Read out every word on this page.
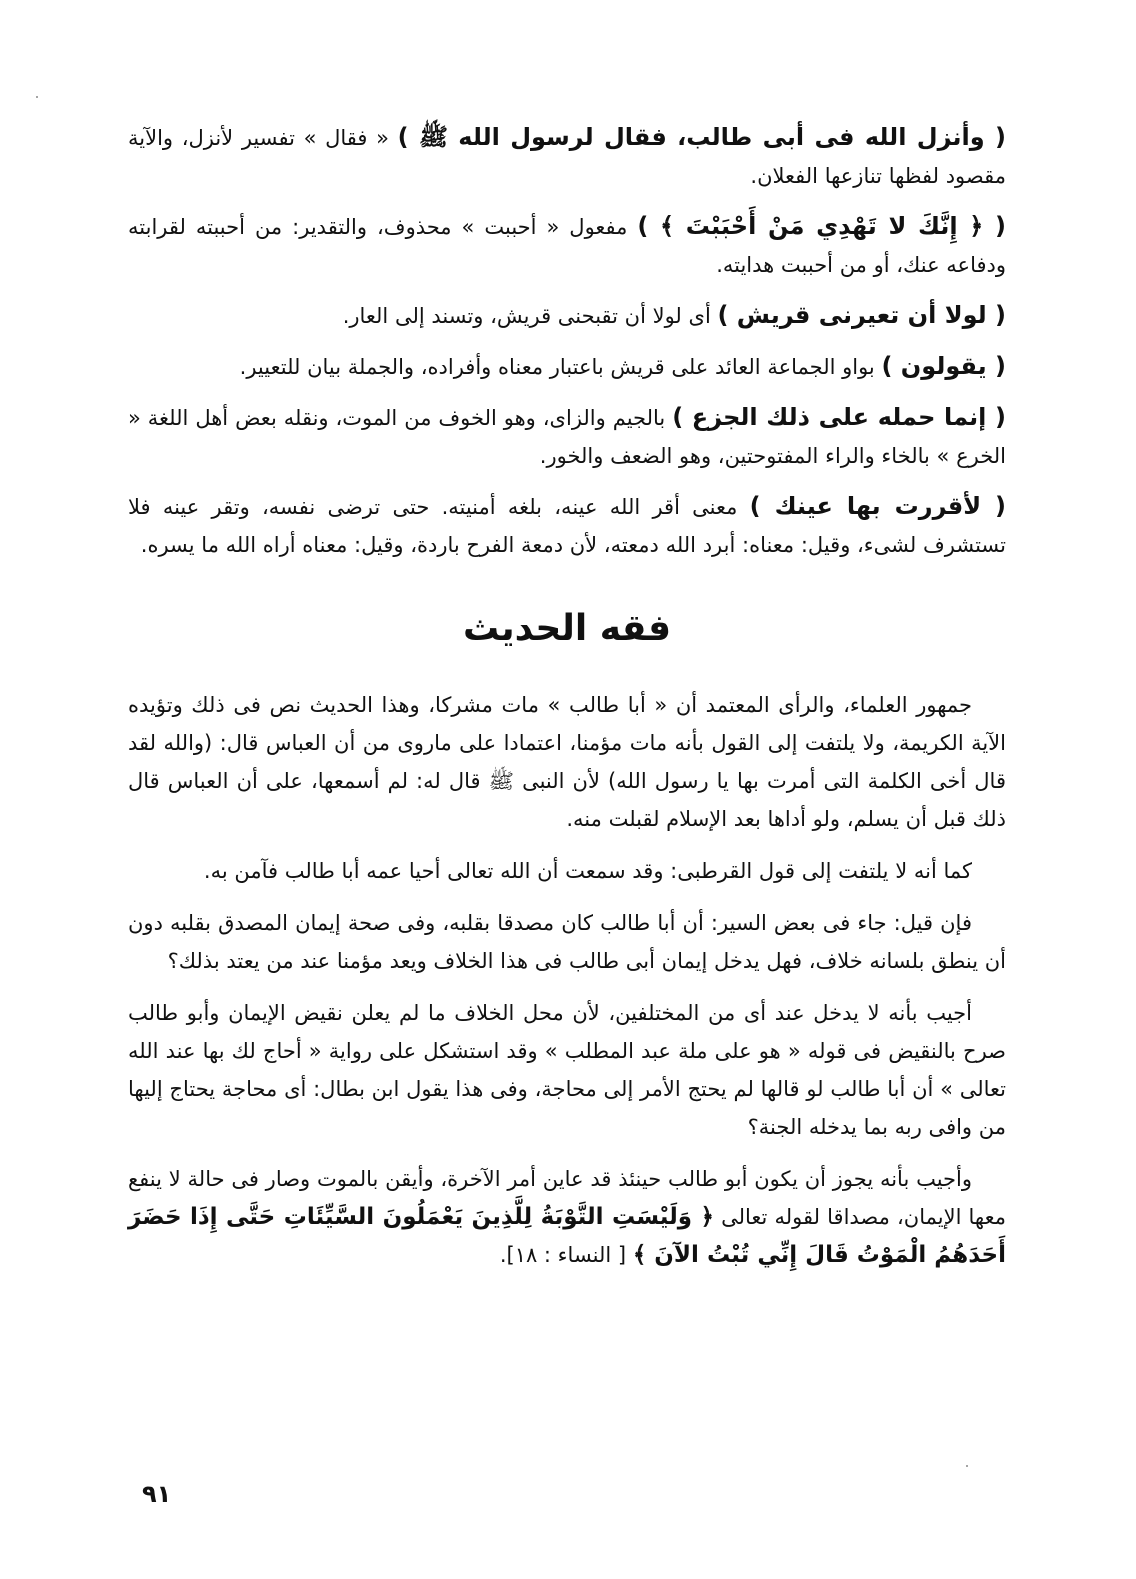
( وأنزل الله فى أبى طالب، فقال لرسول الله ﷺ ) « فقال » تفسير لأنزل، والآية مقصود لفظها تنازعها الفعلان.

( ﴿ إِنَّكَ لا تَهْدِي مَنْ أَحْبَبْتَ ﴾ ) مفعول « أحببت » محذوف، والتقدير: من أحببته لقرابته ودفاعه عنك، أو من أحببت هدايته.

( لولا أن تعيرنى قريش ) أى لولا أن تقبحنى قريش، وتسند إلى العار.

( يقولون ) بواو الجماعة العائد على قريش باعتبار معناه وأفراده، والجملة بيان للتعيير.

( إنما حمله على ذلك الجزع ) بالجيم والزاى، وهو الخوف من الموت، ونقله بعض أهل اللغة « الخرع » بالخاء والراء المفتوحتين، وهو الضعف والخور.

( لأقررت بها عينك ) معنى أقر الله عينه، بلغه أمنيته. حتى ترضى نفسه، وتقر عينه فلا تستشرف لشىء، وقيل: معناه: أبرد الله دمعته، لأن دمعة الفرح باردة، وقيل: معناه أراه الله ما يسره.

فقه الحديث

جمهور العلماء، والرأى المعتمد أن « أبا طالب » مات مشركا، وهذا الحديث نص فى ذلك وتؤيده الآية الكريمة، ولا يلتفت إلى القول بأنه مات مؤمنا، اعتمادا على ماروى من أن العباس قال: (والله لقد قال أخى الكلمة التى أمرت بها يا رسول الله) لأن النبى ﷺ قال له: لم أسمعها، على أن العباس قال ذلك قبل أن يسلم، ولو أداها بعد الإسلام لقبلت منه.

كما أنه لا يلتفت إلى قول القرطبى: وقد سمعت أن الله تعالى أحيا عمه أبا طالب فآمن به.

فإن قيل: جاء فى بعض السير: أن أبا طالب كان مصدقا بقلبه، وفى صحة إيمان المصدق بقلبه دون أن ينطق بلسانه خلاف، فهل يدخل إيمان أبى طالب فى هذا الخلاف ويعد مؤمنا عند من يعتد بذلك؟

أجيب بأنه لا يدخل عند أى من المختلفين، لأن محل الخلاف ما لم يعلن نقيض الإيمان وأبو طالب صرح بالنقيض فى قوله « هو على ملة عبد المطلب » وقد استشكل على رواية « أحاج لك بها عند الله تعالى » أن أبا طالب لو قالها لم يحتج الأمر إلى محاجة، وفى هذا يقول ابن بطال: أى محاجة يحتاج إليها من وافى ربه بما يدخله الجنة؟

وأجيب بأنه يجوز أن يكون أبو طالب حينئذ قد عاين أمر الآخرة، وأيقن بالموت وصار فى حالة لا ينفع معها الإيمان، مصداقا لقوله تعالى ﴿ وَلَيْسَتِ التَّوْبَةُ لِلَّذِينَ يَعْمَلُونَ السَّيِّئَاتِ حَتَّى إِذَا حَضَرَ أَحَدَهُمُ الْمَوْتُ قَالَ إِنِّي تُبْتُ الآنَ ﴾ [ النساء : ١٨].

٩١
